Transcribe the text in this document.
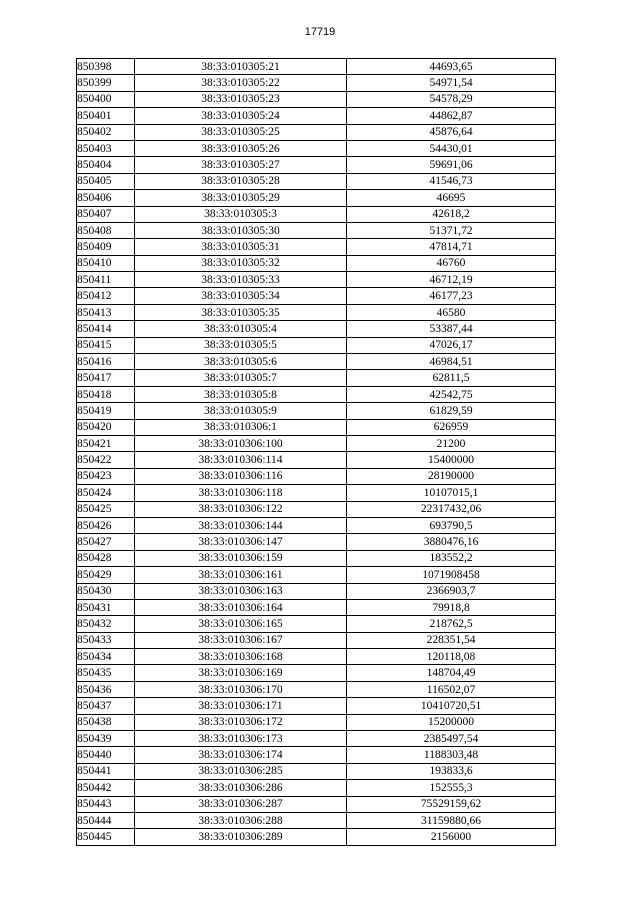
17719
850398	38:33:010305:21	44693,65
850399	38:33:010305:22	54971,54
850400	38:33:010305:23	54578,29
850401	38:33:010305:24	44862,87
850402	38:33:010305:25	45876,64
850403	38:33:010305:26	54430,01
850404	38:33:010305:27	59691,06
850405	38:33:010305:28	41546,73
850406	38:33:010305:29	46695
850407	38:33:010305:3	42618,2
850408	38:33:010305:30	51371,72
850409	38:33:010305:31	47814,71
850410	38:33:010305:32	46760
850411	38:33:010305:33	46712,19
850412	38:33:010305:34	46177,23
850413	38:33:010305:35	46580
850414	38:33:010305:4	53387,44
850415	38:33:010305:5	47026,17
850416	38:33:010305:6	46984,51
850417	38:33:010305:7	62811,5
850418	38:33:010305:8	42542,75
850419	38:33:010305:9	61829,59
850420	38:33:010306:1	626959
850421	38:33:010306:100	21200
850422	38:33:010306:114	15400000
850423	38:33:010306:116	28190000
850424	38:33:010306:118	10107015,1
850425	38:33:010306:122	22317432,06
850426	38:33:010306:144	693790,5
850427	38:33:010306:147	3880476,16
850428	38:33:010306:159	183552,2
850429	38:33:010306:161	1071908458
850430	38:33:010306:163	2366903,7
850431	38:33:010306:164	79918,8
850432	38:33:010306:165	218762,5
850433	38:33:010306:167	228351,54
850434	38:33:010306:168	120118,08
850435	38:33:010306:169	148704,49
850436	38:33:010306:170	116502,07
850437	38:33:010306:171	10410720,51
850438	38:33:010306:172	15200000
850439	38:33:010306:173	2385497,54
850440	38:33:010306:174	1188303,48
850441	38:33:010306:285	193833,6
850442	38:33:010306:286	152555,3
850443	38:33:010306:287	75529159,62
850444	38:33:010306:288	31159880,66
850445	38:33:010306:289	2156000
